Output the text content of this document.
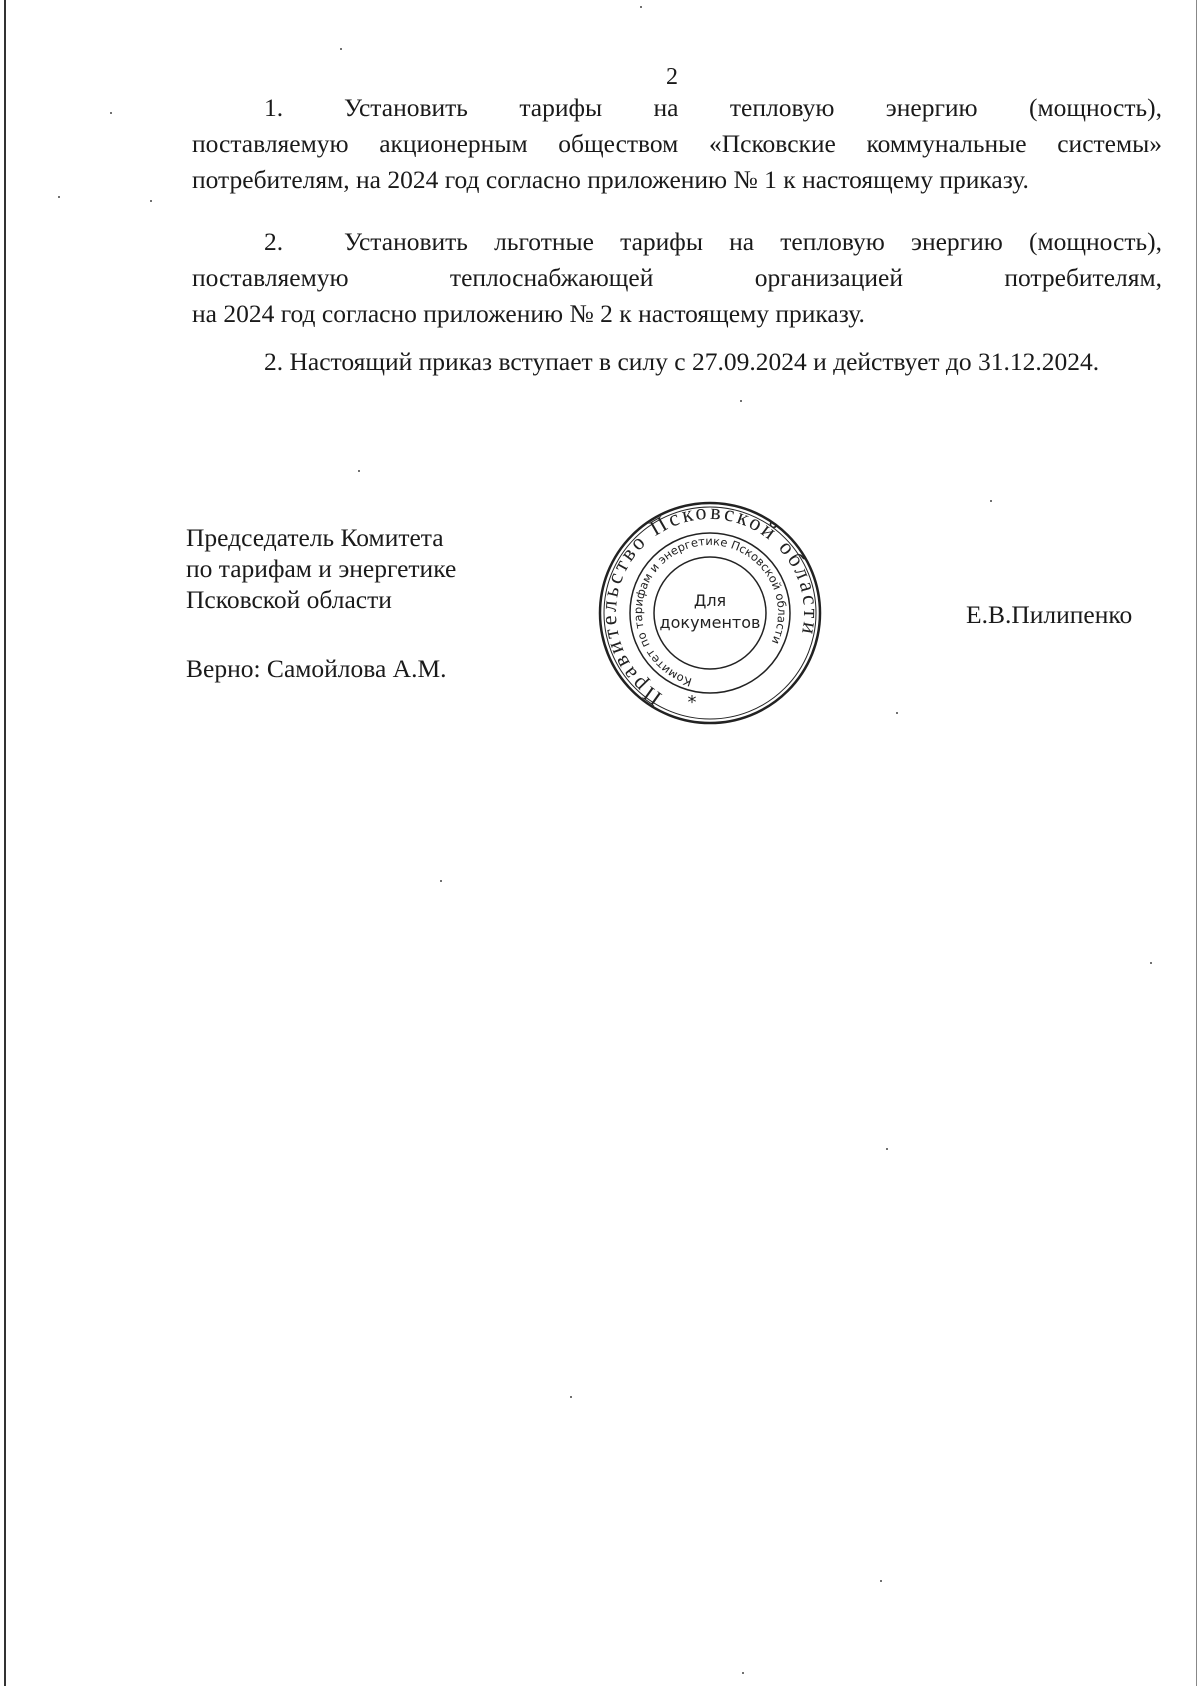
2
1. Установить тарифы на тепловую энергию (мощность),
поставляемую акционерным обществом «Псковские коммунальные системы»
потребителям, на 2024 год согласно приложению № 1 к настоящему приказу.
2. Установить льготные тарифы на тепловую энергию (мощность),
поставляемую теплоснабжающей организацией потребителям,
на 2024 год согласно приложению № 2 к настоящему приказу.
2. Настоящий приказ вступает в силу с 27.09.2024 и действует до 31.12.2024.
Председатель Комитета
по тарифам и энергетике
Псковской области
Верно: Самойлова А.М.
Е.В.Пилипенко
Правительство Псковской области
Комитет по тарифам и энергетике Псковской области
Для
документов
*
